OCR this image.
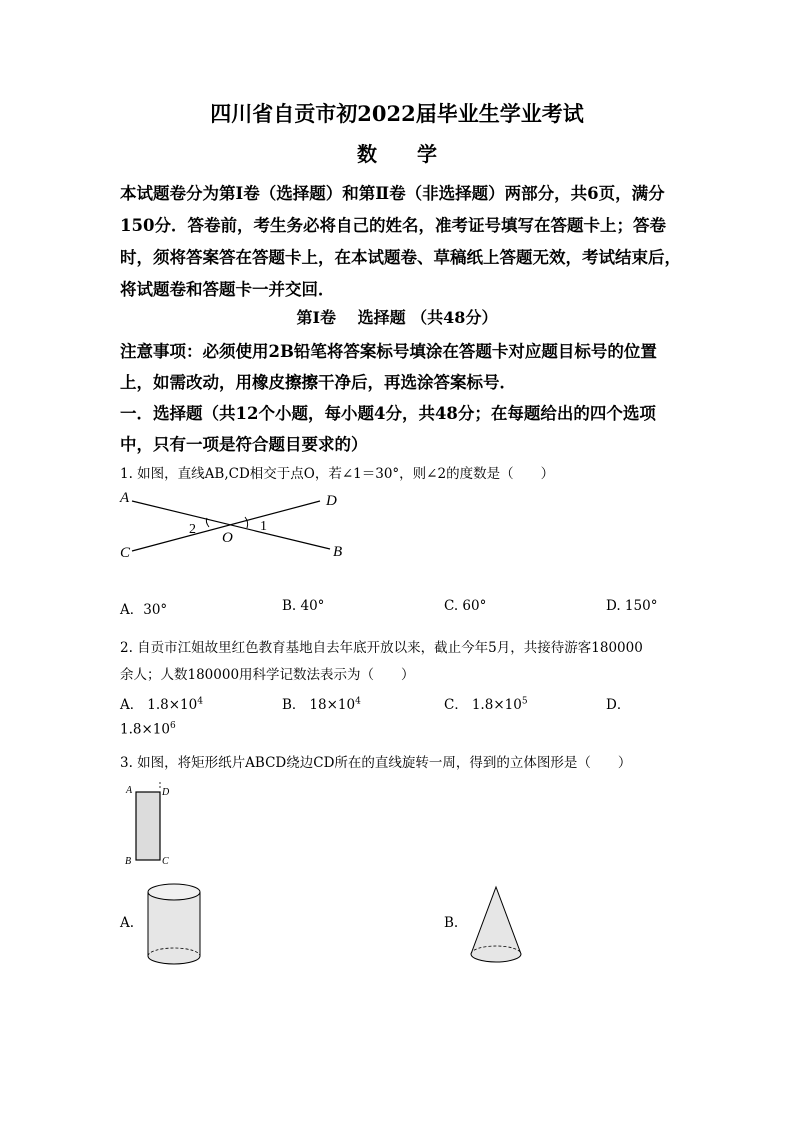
四川省自贡市初2022届毕业生学业考试
数　　学
本试题卷分为第Ⅰ卷（选择题）和第Ⅱ卷（非选择题）两部分，共6页，满分
150分．答卷前，考生务必将自己的姓名，准考证号填写在答题卡上；答卷
时，须将答案答在答题卡上，在本试题卷、草稿纸上答题无效，考试结束后，
将试题卷和答题卡一并交回．
第Ⅰ卷　 选择题 （共48分）
注意事项：必须使用2B铅笔将答案标号填涂在答题卡对应题目标号的位置
上，如需改动，用橡皮擦擦干净后，再选涂答案标号．
一．选择题（共12个小题，每小题4分，共48分；在每题给出的四个选项
中，只有一项是符合题目要求的）
1. 如图，直线AB,CD相交于点O，若∠1＝30°，则∠2的度数是（　　）
A
B
C
D
O
1
2
A．30°	B. 40°	C. 60°	D. 150°
2. 自贡市江姐故里红色教育基地自去年底开放以来，截止今年5月，共接待游客180000
余人；人数180000用科学记数法表示为（　　）
A． $1.8\times 10^4$	B． $18\times 10^4$	C． $1.8\times 10^5$	D．
$1.8\times 10^6$
3. 如图，将矩形纸片ABCD绕边CD所在的直线旋转一周，得到的立体图形是（　　）
A	D
B	C
A.	B.
